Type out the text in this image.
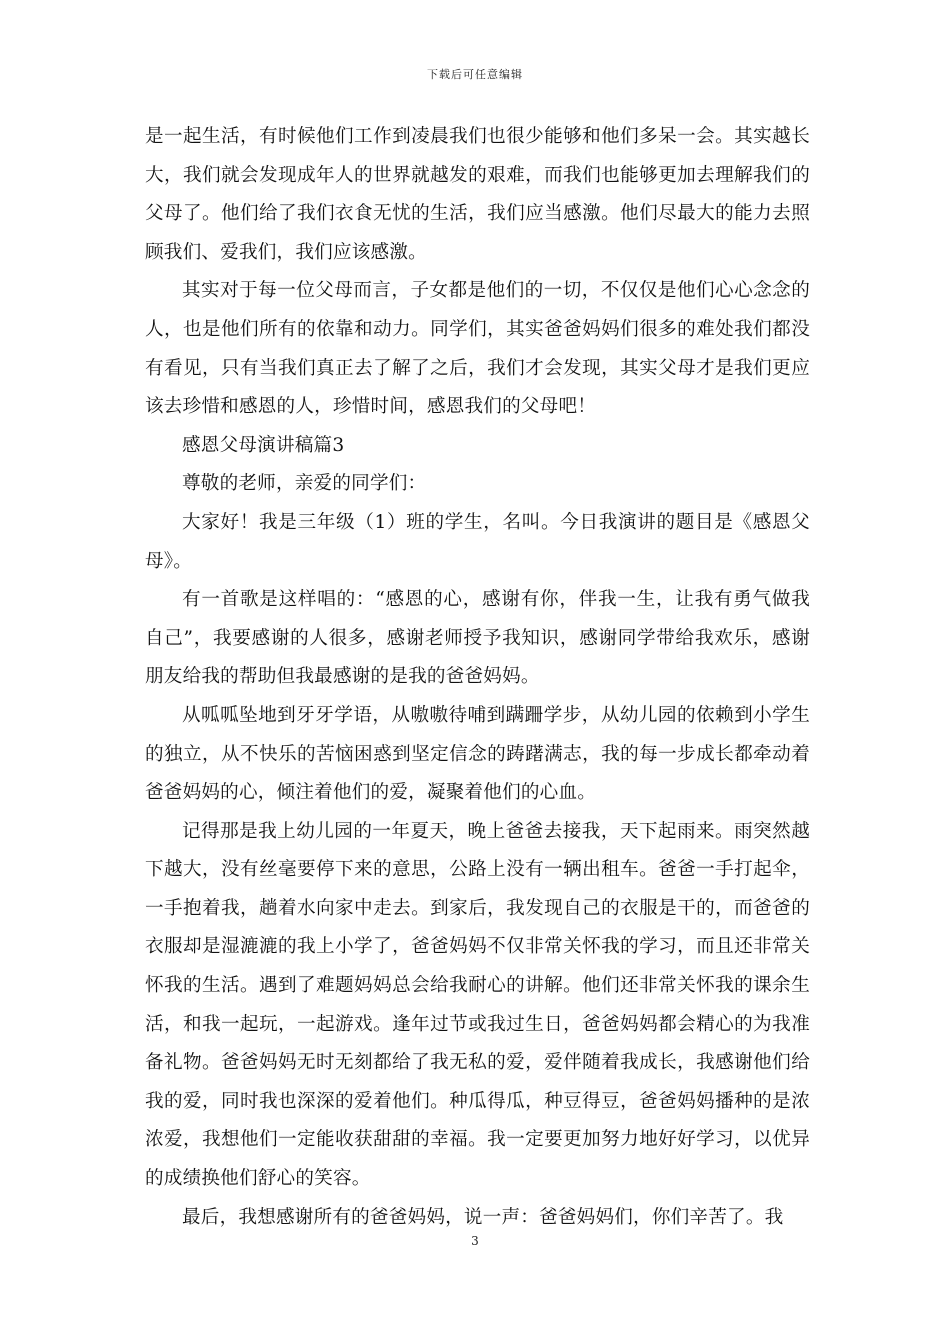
下载后可任意编辑

是一起生活，有时候他们工作到凌晨我们也很少能够和他们多呆一会。其实越长大，我们就会发现成年人的世界就越发的艰难，而我们也能够更加去理解我们的父母了。他们给了我们衣食无忧的生活，我们应当感激。他们尽最大的能力去照顾我们、爱我们，我们应该感激。

其实对于每一位父母而言，子女都是他们的一切，不仅仅是他们心心念念的人，也是他们所有的依靠和动力。同学们，其实爸爸妈妈们很多的难处我们都没有看见，只有当我们真正去了解了之后，我们才会发现，其实父母才是我们更应该去珍惜和感恩的人，珍惜时间，感恩我们的父母吧！

感恩父母演讲稿篇3

尊敬的老师，亲爱的同学们：

大家好！我是三年级（1）班的学生，名叫。今日我演讲的题目是《感恩父母》。

有一首歌是这样唱的：“感恩的心，感谢有你，伴我一生，让我有勇气做我自己”，我要感谢的人很多，感谢老师授予我知识，感谢同学带给我欢乐，感谢朋友给我的帮助但我最感谢的是我的爸爸妈妈。

从呱呱坠地到牙牙学语，从嗷嗷待哺到蹒跚学步，从幼儿园的依赖到小学生的独立，从不快乐的苦恼困惑到坚定信念的踌躇满志，我的每一步成长都牵动着爸爸妈妈的心，倾注着他们的爱，凝聚着他们的心血。

记得那是我上幼儿园的一年夏天，晚上爸爸去接我，天下起雨来。雨突然越下越大，没有丝毫要停下来的意思，公路上没有一辆出租车。爸爸一手打起伞，一手抱着我，趟着水向家中走去。到家后，我发现自己的衣服是干的，而爸爸的衣服却是湿漉漉的我上小学了，爸爸妈妈不仅非常关怀我的学习，而且还非常关怀我的生活。遇到了难题妈妈总会给我耐心的讲解。他们还非常关怀我的课余生活，和我一起玩，一起游戏。逢年过节或我过生日，爸爸妈妈都会精心的为我准备礼物。爸爸妈妈无时无刻都给了我无私的爱，爱伴随着我成长，我感谢他们给我的爱，同时我也深深的爱着他们。种瓜得瓜，种豆得豆，爸爸妈妈播种的是浓浓爱，我想他们一定能收获甜甜的幸福。我一定要更加努力地好好学习，以优异的成绩换他们舒心的笑容。

最后，我想感谢所有的爸爸妈妈，说一声：爸爸妈妈们，你们辛苦了。我

3
